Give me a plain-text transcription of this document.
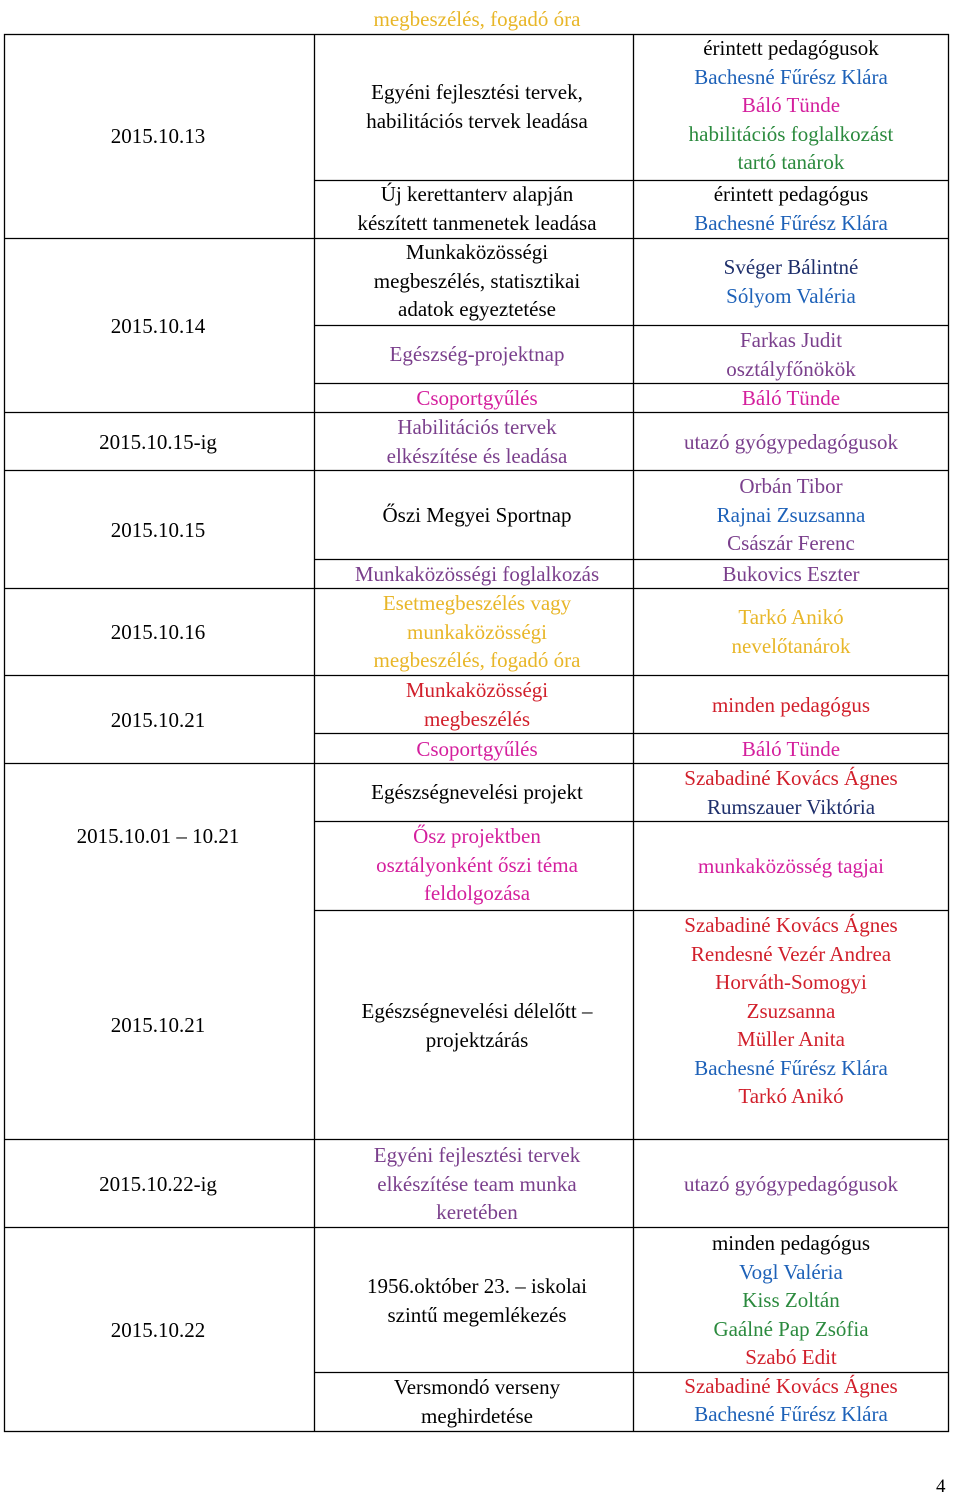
2015.10.13
2015.10.14
2015.10.15-ig
2015.10.15
2015.10.16
2015.10.21
2015.10.01 – 10.21
2015.10.21
2015.10.22-ig
2015.10.22
megbeszélés, fogadó óra
Egyéni fejlesztési tervek,
habilitációs tervek leadása
Új kerettanterv alapján
készített tanmenetek leadása
Munkaközösségi
megbeszélés, statisztikai
adatok egyeztetése
Egészség-projektnap
Csoportgyűlés
Habilitációs tervek
elkészítése és leadása
Őszi Megyei Sportnap
Munkaközösségi foglalkozás
Esetmegbeszélés vagy
munkaközösségi
megbeszélés, fogadó óra
Munkaközösségi
megbeszélés
Csoportgyűlés
Egészségnevelési projekt
Ősz projektben
osztályonként őszi téma
feldolgozása
Egészségnevelési délelőtt –
projektzárás
Egyéni fejlesztési tervek
elkészítése team munka
keretében
1956.október 23. – iskolai
szintű megemlékezés
Versmondó verseny
meghirdetése
érintett pedagógusok
Bachesné Fűrész Klára
Báló Tünde
habilitációs foglalkozást
tartó tanárok
érintett pedagógus
Bachesné Fűrész Klára
Svéger Bálintné
Sólyom Valéria
Farkas Judit
osztályfőnökök
Báló Tünde
utazó gyógypedagógusok
Orbán Tibor
Rajnai Zsuzsanna
Császár Ferenc
Bukovics Eszter
Tarkó Anikó
nevelőtanárok
minden pedagógus
Báló Tünde
Szabadiné Kovács Ágnes
Rumszauer Viktória
munkaközösség tagjai
Szabadiné Kovács Ágnes
Rendesné Vezér Andrea
Horváth-Somogyi
Zsuzsanna
Müller Anita
Bachesné Fűrész Klára
Tarkó Anikó
utazó gyógypedagógusok
minden pedagógus
Vogl Valéria
Kiss Zoltán
Gaálné Pap Zsófia
Szabó Edit
Szabadiné Kovács Ágnes
Bachesné Fűrész Klára
4
